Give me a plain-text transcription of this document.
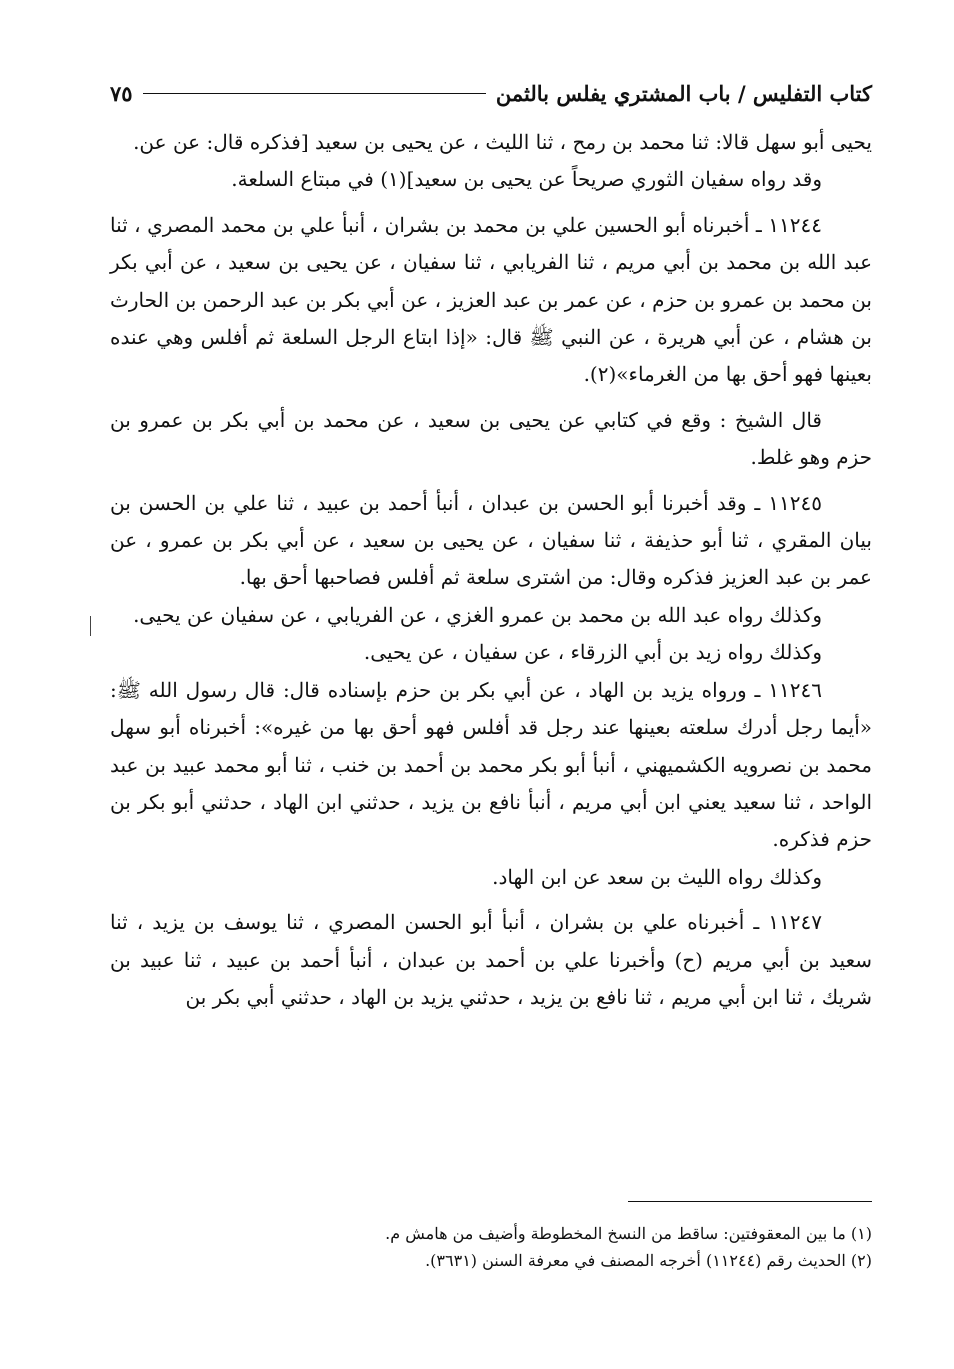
كتاب التفليس / باب المشتري يفلس بالثمن
٧٥

يحيى أبو سهل قالا: ثنا محمد بن رمح ، ثنا الليث ، عن يحيى بن سعيد [فذكره قال: عن عن.

وقد رواه سفيان الثوري صريحاً عن يحيى بن سعيد](١) في مبتاع السلعة.

١١٢٤٤ ـ أخبرناه أبو الحسين علي بن محمد بن بشران ، أنبأ علي بن محمد المصري ، ثنا عبد الله بن محمد بن أبي مريم ، ثنا الفريابي ، ثنا سفيان ، عن يحيى بن سعيد ، عن أبي بكر بن محمد بن عمرو بن حزم ، عن عمر بن عبد العزيز ، عن أبي بكر بن عبد الرحمن بن الحارث بن هشام ، عن أبي هريرة ، عن النبي ﷺ قال: «إذا ابتاع الرجل السلعة ثم أفلس وهي عنده بعينها فهو أحق بها من الغرماء»(٢).

قال الشيخ : وقع في كتابي عن يحيى بن سعيد ، عن محمد بن أبي بكر بن عمرو بن حزم وهو غلط.

١١٢٤٥ ـ وقد أخبرنا أبو الحسن بن عبدان ، أنبأ أحمد بن عبيد ، ثنا علي بن الحسن بن بيان المقري ، ثنا أبو حذيفة ، ثنا سفيان ، عن يحيى بن سعيد ، عن أبي بكر بن عمرو ، عن عمر بن عبد العزيز فذكره وقال: من اشترى سلعة ثم أفلس فصاحبها أحق بها.

وكذلك رواه عبد الله بن محمد بن عمرو الغزي ، عن الفريابي ، عن سفيان عن يحيى.

وكذلك رواه زيد بن أبي الزرقاء ، عن سفيان ، عن يحيى.

١١٢٤٦ ـ ورواه يزيد بن الهاد ، عن أبي بكر بن حزم بإسناده قال: قال رسول الله ﷺ: «أيما رجل أدرك سلعته بعينها عند رجل قد أفلس فهو أحق بها من غيره»: أخبرناه أبو سهل محمد بن نصرويه الكشميهني ، أنبأ أبو بكر محمد بن أحمد بن خنب ، ثنا أبو محمد عبيد بن عبد الواحد ، ثنا سعيد يعني ابن أبي مريم ، أنبأ نافع بن يزيد ، حدثني ابن الهاد ، حدثني أبو بكر بن حزم فذكره.

وكذلك رواه الليث بن سعد عن ابن الهاد.

١١٢٤٧ ـ أخبرناه علي بن بشران ، أنبأ أبو الحسن المصري ، ثنا يوسف بن يزيد ، ثنا سعيد بن أبي مريم (ح) وأخبرنا علي بن أحمد بن عبدان ، أنبأ أحمد بن عبيد ، ثنا عبيد بن شريك ، ثنا ابن أبي مريم ، ثنا نافع بن يزيد ، حدثني يزيد بن الهاد ، حدثني أبي بكر بن

(١) ما بين المعقوفتين: ساقط من النسخ المخطوطة وأضيف من هامش م.

(٢) الحديث رقم (١١٢٤٤) أخرجه المصنف في معرفة السنن (٣٦٣١).
